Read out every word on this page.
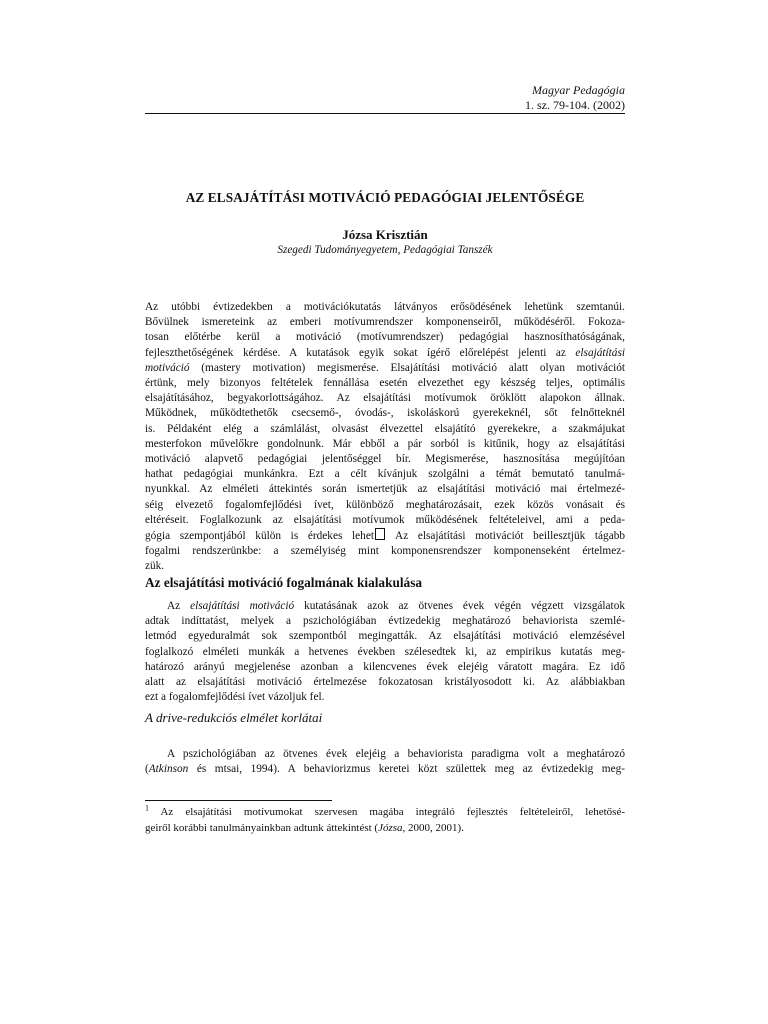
Magyar Pedagógia
1. sz. 79-104. (2002)
AZ ELSAJÁTÍTÁSI MOTIVÁCIÓ PEDAGÓGIAI JELENTŐSÉGE
Józsa Krisztián
Szegedi Tudományegyetem, Pedagógiai Tanszék
Az utóbbi évtizedekben a motivációkutatás látványos erősödésének lehetünk szemtanúi.
Bővülnek ismereteink az emberi motívumrendszer komponenseiről, működéséről. Fokoza-
tosan előtérbe kerül a motiváció (motívumrendszer) pedagógiai hasznosíthatóságának,
fejleszthetőségének kérdése. A kutatások egyik sokat ígérő előrelépést jelenti az elsajátítási
motiváció (mastery motivation) megismerése. Elsajátítási motiváció alatt olyan motivációt
értünk, mely bizonyos feltételek fennállása esetén elvezethet egy készség teljes, optimális
elsajátításához, begyakorlottságához. Az elsajátítási motívumok öröklött alapokon állnak.
Működnek, működtethetők csecsemő-, óvodás-, iskoláskorú gyerekeknél, sőt felnőtteknél
is. Példaként elég a számlálást, olvasást élvezettel elsajátító gyerekekre, a szakmájukat
mesterfokon művelőkre gondolnunk. Már ebből a pár sorból is kitűnik, hogy az elsajátítási
motiváció alapvető pedagógiai jelentőséggel bír. Megismerése, hasznosítása megújítóan
hathat pedagógiai munkánkra. Ezt a célt kívánjuk szolgálni a témát bemutató tanulmá-
nyunkkal. Az elméleti áttekintés során ismertetjük az elsajátítási motiváció mai értelmezé-
séig elvezető fogalomfejlődési ívet, különböző meghatározásait, ezek közös vonásait és
eltéréseit. Foglalkozunk az elsajátítási motívumok működésének feltételeivel, ami a peda-
gógia szempontjából külön is érdekes lehet Az elsajátítási motivációt beillesztjük tágabb
fogalmi rendszerünkbe: a személyiség mint komponensrendszer komponenseként értelmez-
zük.
Az elsajátítási motiváció fogalmának kialakulása
Az elsajátítási motiváció kutatásának azok az ötvenes évek végén végzett vizsgálatok
adtak indíttatást, melyek a pszichológiában évtizedekig meghatározó behaviorista szemlé-
letmód egyeduralmát sok szempontból megingatták. Az elsajátítási motiváció elemzésével
foglalkozó elméleti munkák a hetvenes években szélesedtek ki, az empirikus kutatás meg-
határozó arányú megjelenése azonban a kilencvenes évek elejéig váratott magára. Ez idő
alatt az elsajátítási motiváció értelmezése fokozatosan kristályosodott ki. Az alábbiakban
ezt a fogalomfejlődési ívet vázoljuk fel.
A drive-redukciós elmélet korlátai
A pszichológiában az ötvenes évek elejéig a behaviorista paradigma volt a meghatározó
(Atkinson és mtsai, 1994). A behaviorizmus keretei közt születtek meg az évtizedekig meg-
$^1$ Az elsajátítási motívumokat szervesen magába integráló fejlesztés feltételeiről, lehetősé-
geiről korábbi tanulmányainkban adtunk áttekintést (Józsa, 2000, 2001).
